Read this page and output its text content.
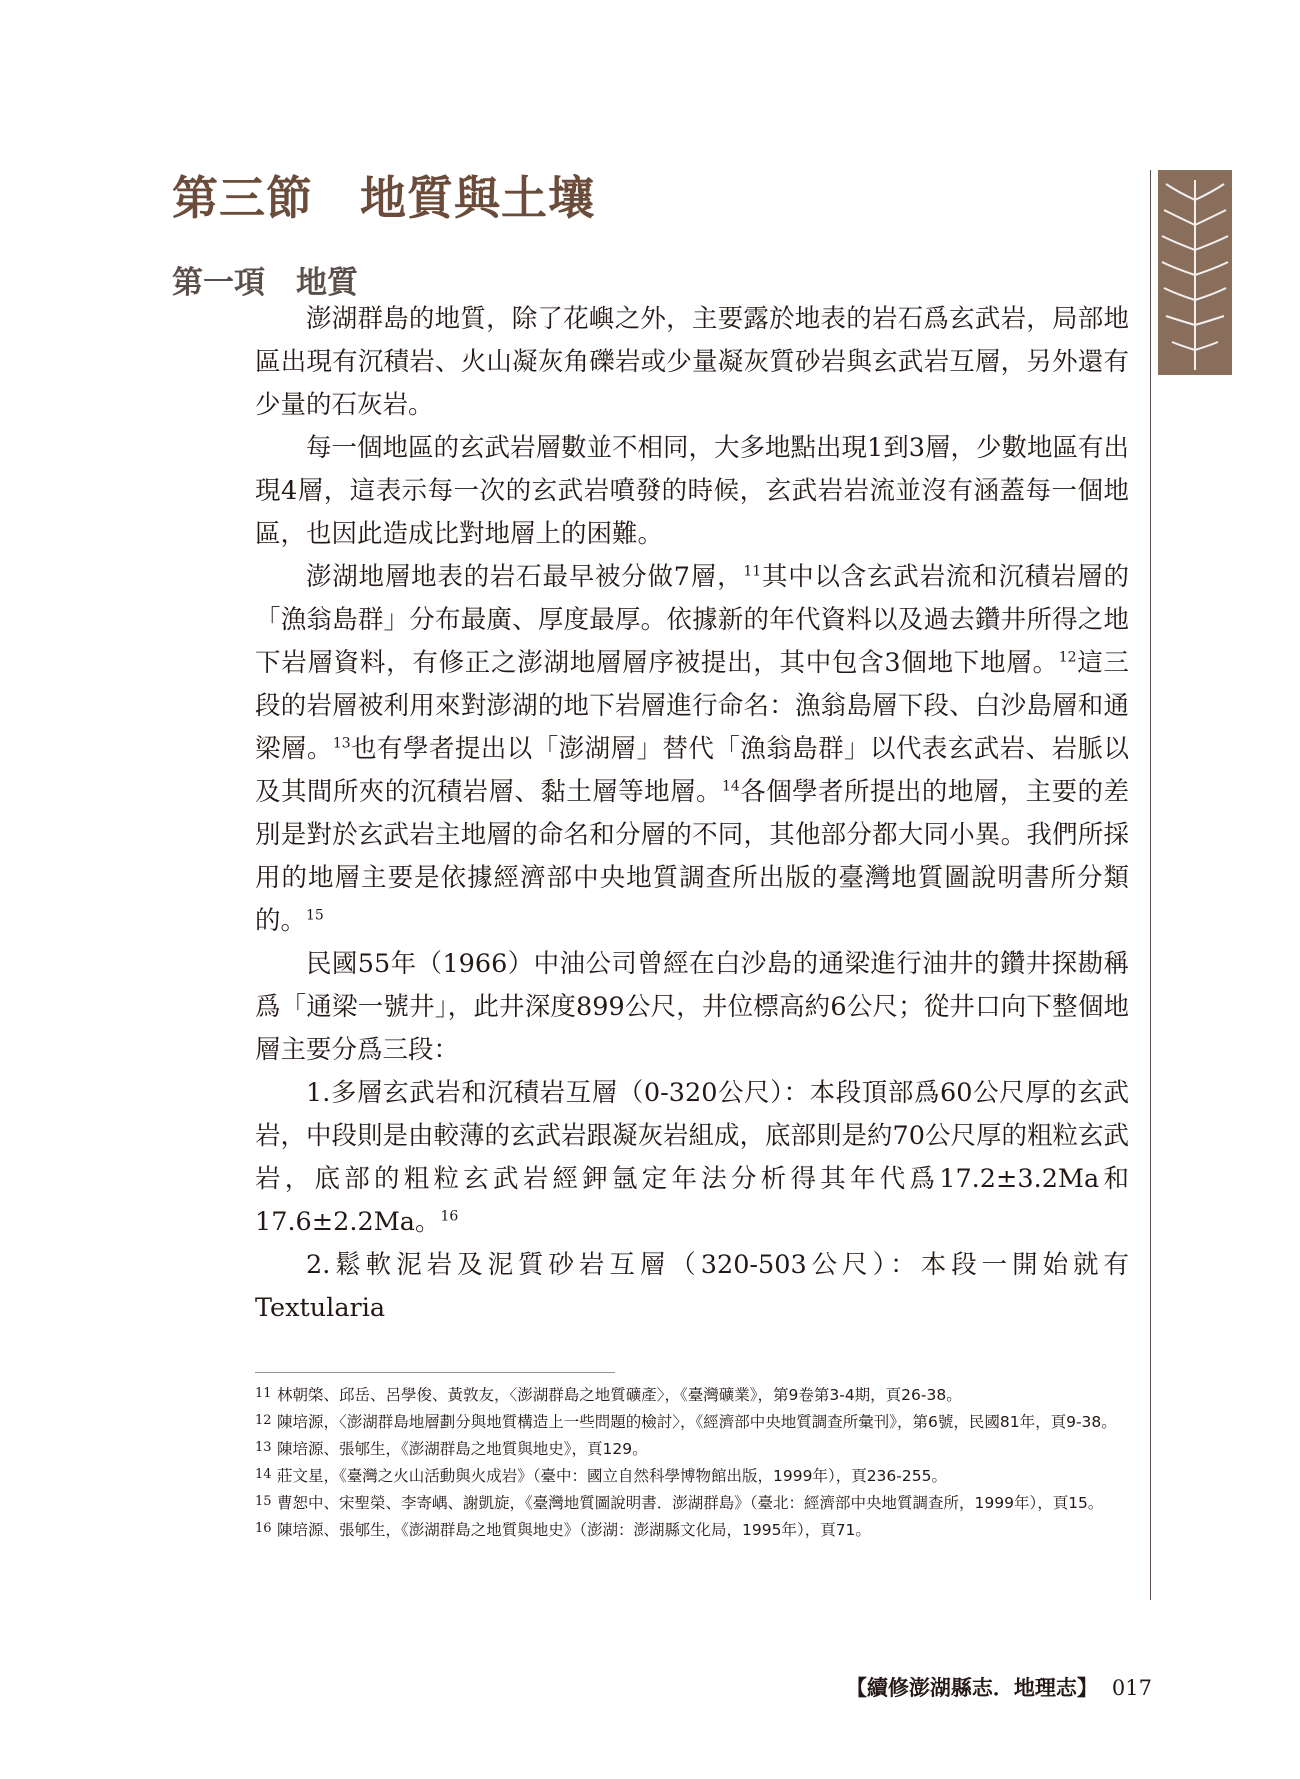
第三節　地質與土壤
第一項　地質

澎湖群島的地質，除了花嶼之外，主要露於地表的岩石爲玄武岩，局部地區出現有沉積岩、火山凝灰角礫岩或少量凝灰質砂岩與玄武岩互層，另外還有少量的石灰岩。

每一個地區的玄武岩層數並不相同，大多地點出現1到3層，少數地區有出現4層，這表示每一次的玄武岩噴發的時候，玄武岩岩流並沒有涵蓋每一個地區，也因此造成比對地層上的困難。

澎湖地層地表的岩石最早被分做7層，$^{11}$其中以含玄武岩流和沉積岩層的「漁翁島群」分布最廣、厚度最厚。依據新的年代資料以及過去鑽井所得之地下岩層資料，有修正之澎湖地層層序被提出，其中包含3個地下地層。$^{12}$這三段的岩層被利用來對澎湖的地下岩層進行命名：漁翁島層下段、白沙島層和通梁層。$^{13}$也有學者提出以「澎湖層」替代「漁翁島群」以代表玄武岩、岩脈以及其間所夾的沉積岩層、黏土層等地層。$^{14}$各個學者所提出的地層，主要的差別是對於玄武岩主地層的命名和分層的不同，其他部分都大同小異。我們所採用的地層主要是依據經濟部中央地質調查所出版的臺灣地質圖說明書所分類的。$^{15}$

民國55年（1966）中油公司曾經在白沙島的通梁進行油井的鑽井探勘稱爲「通梁一號井」，此井深度899公尺，井位標高約6公尺；從井口向下整個地層主要分爲三段：

1.多層玄武岩和沉積岩互層（0-320公尺）：本段頂部爲60公尺厚的玄武岩，中段則是由較薄的玄武岩跟凝灰岩組成，底部則是約70公尺厚的粗粒玄武岩，底部的粗粒玄武岩經鉀氬定年法分析得其年代爲17.2±3.2Ma和17.6±2.2Ma。$^{16}$

2.鬆軟泥岩及泥質砂岩互層（320-503公尺）：本段一開始就有Textularia

11 林朝棨、邱岳、呂學俊、黃敦友，〈澎湖群島之地質礦產〉，《臺灣礦業》，第9卷第3-4期，頁26-38。

12 陳培源，〈澎湖群島地層劃分與地質構造上一些問題的檢討〉，《經濟部中央地質調查所彙刊》，第6號，民國81年，頁9-38。

13 陳培源、張郇生，《澎湖群島之地質與地史》，頁129。

14 莊文星，《臺灣之火山活動與火成岩》（臺中：國立自然科學博物館出版，1999年），頁236-255。

15 曹恕中、宋聖榮、李寄嵎、謝凱旋，《臺灣地質圖說明書．澎湖群島》（臺北：經濟部中央地質調查所，1999年），頁15。

16 陳培源、張郇生，《澎湖群島之地質與地史》（澎湖：澎湖縣文化局，1995年），頁71。

【續修澎湖縣志．地理志】 017
